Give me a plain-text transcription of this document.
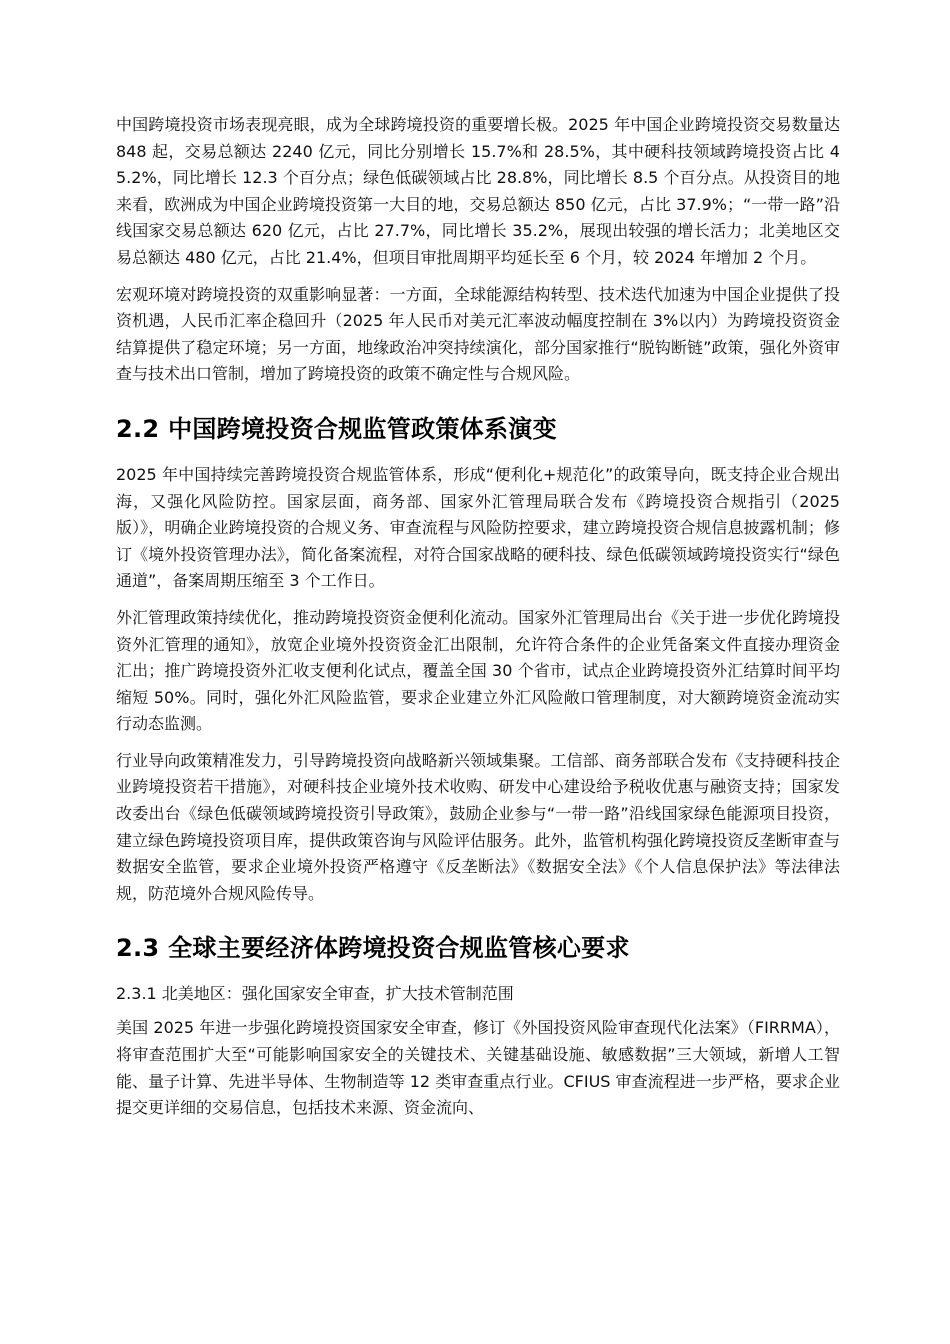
中国跨境投资市场表现亮眼，成为全球跨境投资的重要增长极。2025 年中国企业跨境投资交易数量达 848 起，交易总额达 2240 亿元，同比分别增长 15.7%和 28.5%，其中硬科技领域跨境投资占比 45.2%，同比增长 12.3 个百分点；绿色低碳领域占比 28.8%，同比增长 8.5 个百分点。从投资目的地来看，欧洲成为中国企业跨境投资第一大目的地，交易总额达 850 亿元，占比 37.9%；“一带一路”沿线国家交易总额达 620 亿元，占比 27.7%，同比增长 35.2%，展现出较强的增长活力；北美地区交易总额达 480 亿元，占比 21.4%，但项目审批周期平均延长至 6 个月，较 2024 年增加 2 个月。

宏观环境对跨境投资的双重影响显著：一方面，全球能源结构转型、技术迭代加速为中国企业提供了投资机遇，人民币汇率企稳回升（2025 年人民币对美元汇率波动幅度控制在 3%以内）为跨境投资资金结算提供了稳定环境；另一方面，地缘政治冲突持续演化，部分国家推行“脱钩断链”政策，强化外资审查与技术出口管制，增加了跨境投资的政策不确定性与合规风险。

2.2 中国跨境投资合规监管政策体系演变

2025 年中国持续完善跨境投资合规监管体系，形成“便利化+规范化”的政策导向，既支持企业合规出海，又强化风险防控。国家层面，商务部、国家外汇管理局联合发布《跨境投资合规指引（2025 版）》，明确企业跨境投资的合规义务、审查流程与风险防控要求，建立跨境投资合规信息披露机制；修订《境外投资管理办法》，简化备案流程，对符合国家战略的硬科技、绿色低碳领域跨境投资实行“绿色通道”，备案周期压缩至 3 个工作日。

外汇管理政策持续优化，推动跨境投资资金便利化流动。国家外汇管理局出台《关于进一步优化跨境投资外汇管理的通知》，放宽企业境外投资资金汇出限制，允许符合条件的企业凭备案文件直接办理资金汇出；推广跨境投资外汇收支便利化试点，覆盖全国 30 个省市，试点企业跨境投资外汇结算时间平均缩短 50%。同时，强化外汇风险监管，要求企业建立外汇风险敞口管理制度，对大额跨境资金流动实行动态监测。

行业导向政策精准发力，引导跨境投资向战略新兴领域集聚。工信部、商务部联合发布《支持硬科技企业跨境投资若干措施》，对硬科技企业境外技术收购、研发中心建设给予税收优惠与融资支持；国家发改委出台《绿色低碳领域跨境投资引导政策》，鼓励企业参与“一带一路”沿线国家绿色能源项目投资，建立绿色跨境投资项目库，提供政策咨询与风险评估服务。此外，监管机构强化跨境投资反垄断审查与数据安全监管，要求企业境外投资严格遵守《反垄断法》《数据安全法》《个人信息保护法》等法律法规，防范境外合规风险传导。

2.3 全球主要经济体跨境投资合规监管核心要求
2.3.1 北美地区：强化国家安全审查，扩大技术管制范围

美国 2025 年进一步强化跨境投资国家安全审查，修订《外国投资风险审查现代化法案》（FIRRMA），将审查范围扩大至“可能影响国家安全的关键技术、关键基础设施、敏感数据”三大领域，新增人工智能、量子计算、先进半导体、生物制造等 12 类审查重点行业。CFIUS 审查流程进一步严格，要求企业提交更详细的交易信息，包括技术来源、资金流向、
